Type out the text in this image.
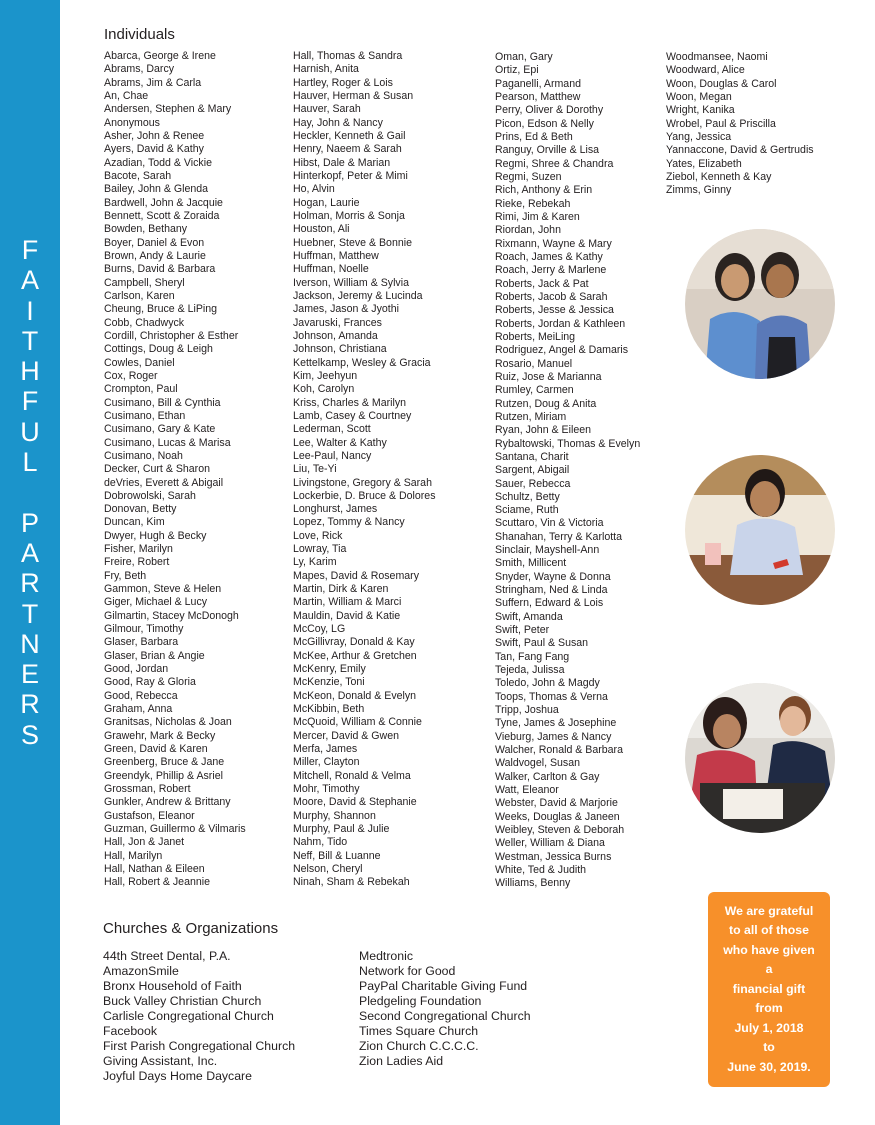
F
A
I
T
H
F
U
L
P
A
R
T
N
E
R
S
Individuals
Abarca, George & Irene
Abrams, Darcy
Abrams, Jim & Carla
An, Chae
Andersen, Stephen & Mary
Anonymous
Asher, John & Renee
Ayers, David & Kathy
Azadian, Todd & Vickie
Bacote, Sarah
Bailey, John & Glenda
Bardwell, John & Jacquie
Bennett, Scott & Zoraida
Bowden, Bethany
Boyer, Daniel & Evon
Brown, Andy & Laurie
Burns, David & Barbara
Campbell, Sheryl
Carlson, Karen
Cheung, Bruce & LiPing
Cobb, Chadwyck
Cordill, Christopher & Esther
Cottings, Doug & Leigh
Cowles, Daniel
Cox, Roger
Crompton, Paul
Cusimano, Bill & Cynthia
Cusimano, Ethan
Cusimano, Gary & Kate
Cusimano, Lucas & Marisa
Cusimano, Noah
Decker, Curt & Sharon
deVries, Everett & Abigail
Dobrowolski, Sarah
Donovan, Betty
Duncan, Kim
Dwyer, Hugh & Becky
Fisher, Marilyn
Freire, Robert
Fry, Beth
Gammon, Steve & Helen
Giger, Michael & Lucy
Gilmartin, Stacey McDonogh
Gilmour, Timothy
Glaser, Barbara
Glaser, Brian & Angie
Good, Jordan
Good, Ray & Gloria
Good, Rebecca
Graham, Anna
Granitsas, Nicholas & Joan
Grawehr, Mark & Becky
Green, David & Karen
Greenberg, Bruce & Jane
Greendyk, Phillip & Asriel
Grossman, Robert
Gunkler, Andrew & Brittany
Gustafson, Eleanor
Guzman, Guillermo & Vilmaris
Hall, Jon & Janet
Hall, Marilyn
Hall, Nathan & Eileen
Hall, Robert & Jeannie
Hall, Thomas & Sandra
Harnish, Anita
Hartley, Roger & Lois
Hauver, Herman & Susan
Hauver, Sarah
Hay, John & Nancy
Heckler, Kenneth & Gail
Henry, Naeem & Sarah
Hibst, Dale & Marian
Hinterkopf, Peter & Mimi
Ho, Alvin
Hogan, Laurie
Holman, Morris & Sonja
Houston, Ali
Huebner, Steve & Bonnie
Huffman, Matthew
Huffman, Noelle
Iverson, William & Sylvia
Jackson, Jeremy & Lucinda
James, Jason & Jyothi
Javaruski, Frances
Johnson, Amanda
Johnson, Christiana
Kettelkamp, Wesley & Gracia
Kim, Jeehyun
Koh, Carolyn
Kriss, Charles & Marilyn
Lamb, Casey & Courtney
Lederman, Scott
Lee, Walter & Kathy
Lee-Paul, Nancy
Liu, Te-Yi
Livingstone, Gregory & Sarah
Lockerbie, D. Bruce & Dolores
Longhurst, James
Lopez, Tommy & Nancy
Love, Rick
Lowray, Tia
Ly, Karim
Mapes, David & Rosemary
Martin, Dirk & Karen
Martin, William & Marci
Mauldin, David & Katie
McCoy, LG
McGillivray, Donald & Kay
McKee, Arthur & Gretchen
McKenry, Emily
McKenzie, Toni
McKeon, Donald & Evelyn
McKibbin, Beth
McQuoid, William & Connie
Mercer, David & Gwen
Merfa, James
Miller, Clayton
Mitchell, Ronald & Velma
Mohr, Timothy
Moore, David & Stephanie
Murphy, Shannon
Murphy, Paul & Julie
Nahm, Tido
Neff, Bill & Luanne
Nelson, Cheryl
Ninah, Sham & Rebekah
Oman, Gary
Ortiz, Epi
Paganelli, Armand
Pearson, Matthew
Perry, Oliver & Dorothy
Picon, Edson & Nelly
Prins, Ed & Beth
Ranguy, Orville & Lisa
Regmi, Shree & Chandra
Regmi, Suzen
Rich, Anthony & Erin
Rieke, Rebekah
Rimi, Jim & Karen
Riordan, John
Rixmann, Wayne & Mary
Roach, James & Kathy
Roach, Jerry & Marlene
Roberts, Jack & Pat
Roberts, Jacob & Sarah
Roberts, Jesse & Jessica
Roberts, Jordan & Kathleen
Roberts, MeiLing
Rodriguez, Angel & Damaris
Rosario, Manuel
Ruiz, Jose & Marianna
Rumley, Carmen
Rutzen, Doug & Anita
Rutzen, Miriam
Ryan, John & Eileen
Rybaltowski, Thomas & Evelyn
Santana, Charit
Sargent, Abigail
Sauer, Rebecca
Schultz, Betty
Sciame, Ruth
Scuttaro, Vin & Victoria
Shanahan, Terry & Karlotta
Sinclair, Mayshell-Ann
Smith, Millicent
Snyder, Wayne & Donna
Stringham, Ned & Linda
Suffern, Edward & Lois
Swift, Amanda
Swift, Peter
Swift, Paul & Susan
Tan, Fang Fang
Tejeda, Julissa
Toledo, John & Magdy
Toops, Thomas & Verna
Tripp, Joshua
Tyne, James & Josephine
Vieburg, James & Nancy
Walcher, Ronald & Barbara
Waldvogel, Susan
Walker, Carlton & Gay
Watt, Eleanor
Webster, David & Marjorie
Weeks, Douglas & Janeen
Weibley, Steven & Deborah
Weller, William & Diana
Westman, Jessica Burns
White, Ted & Judith
Williams, Benny
Woodmansee, Naomi
Woodward, Alice
Woon, Douglas & Carol
Woon, Megan
Wright, Kanika
Wrobel, Paul & Priscilla
Yang, Jessica
Yannaccone, David & Gertrudis
Yates, Elizabeth
Ziebol, Kenneth & Kay
Zimms, Ginny
Churches & Organizations
44th Street Dental, P.A.
AmazonSmile
Bronx Household of Faith
Buck Valley Christian Church
Carlisle Congregational Church
Facebook
First Parish Congregational Church
Giving Assistant, Inc.
Joyful Days Home Daycare
Medtronic
Network for Good
PayPal Charitable Giving Fund
Pledgeling Foundation
Second Congregational Church
Times Square Church
Zion Church C.C.C.C.
Zion Ladies Aid
We are grateful
to all of those
who have given
a
financial gift
from
July 1, 2018
to
June 30, 2019.
